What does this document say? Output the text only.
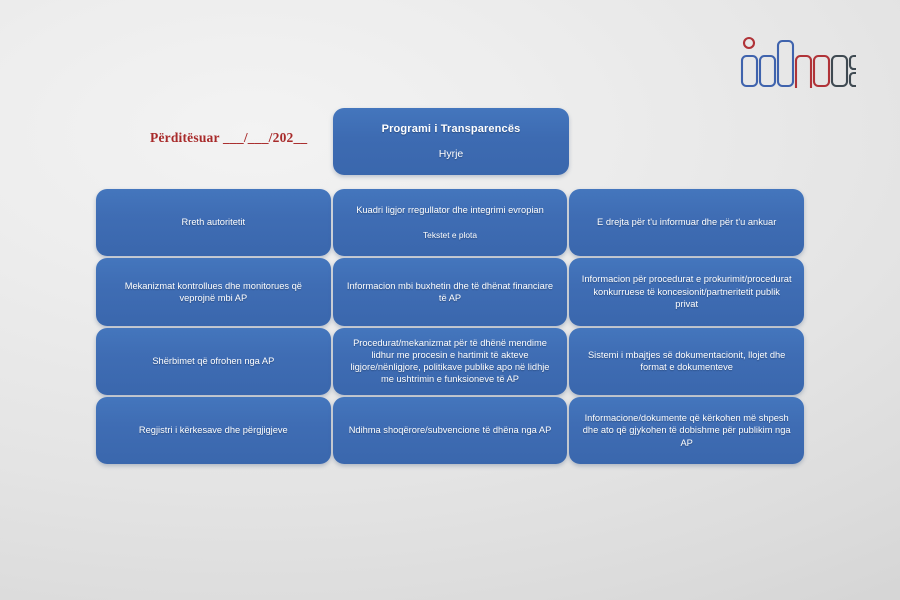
Përditësuar ___/___/202__
Programi i Transparencës
Hyrje
Rreth autoritetit
Kuadri ligjor rregullator dhe integrimi evropian
Tekstet e plota
E drejta për t'u informuar dhe për t'u ankuar
Mekanizmat kontrollues dhe monitorues që veprojnë mbi AP
Informacion mbi buxhetin dhe të dhënat financiare të AP
Informacion për procedurat e prokurimit/procedurat konkurruese të koncesionit/partneritetit publik privat
Shërbimet që ofrohen nga AP
Procedurat/mekanizmat për të dhënë mendime lidhur me procesin e hartimit të akteve ligjore/nënligjore, politikave publike apo në lidhje me ushtrimin e funksioneve të AP
Sistemi i mbajtjes së dokumentacionit, llojet dhe format e dokumenteve
Regjistri i kërkesave dhe përgjigjeve	Ndihma shoqërore/subvencione të dhëna nga AP
Informacione/dokumente që kërkohen më shpesh dhe ato që gjykohen të dobishme për publikim nga AP
